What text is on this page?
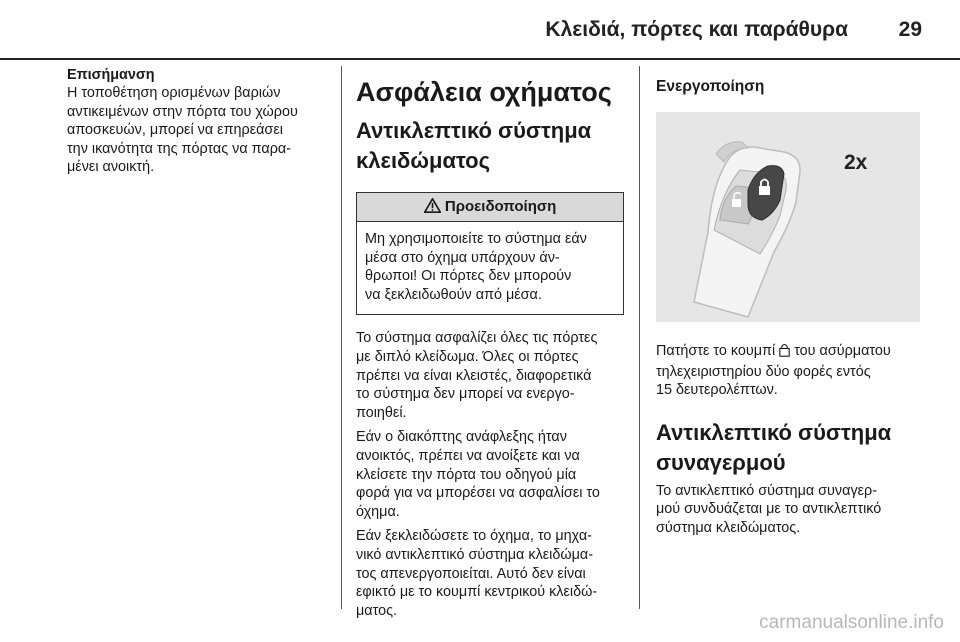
Κλειδιά, πόρτες και παράθυρα 29

Επισήμανση

Η τοποθέτηση ορισμένων βαριών
αντικειμένων στην πόρτα του χώρου
αποσκευών, μπορεί να επηρεάσει
την ικανότητα της πόρτας να παρα-
μένει ανοικτή.

Ασφάλεια οχήματος
Αντικλεπτικό σύστημα
κλειδώματος
Προειδοποίηση
Μη χρησιμοποιείτε το σύστημα εάν
μέσα στο όχημα υπάρχουν άν-
θρωποι! Οι πόρτες δεν μπορούν
να ξεκλειδωθούν από μέσα.

Το σύστημα ασφαλίζει όλες τις πόρτες
με διπλό κλείδωμα. Όλες οι πόρτες
πρέπει να είναι κλειστές, διαφορετικά
το σύστημα δεν μπορεί να ενεργο-
ποιηθεί.

Εάν ο διακόπτης ανάφλεξης ήταν
ανοικτός, πρέπει να ανοίξετε και να
κλείσετε την πόρτα του οδηγού μία
φορά για να μπορέσει να ασφαλίσει το
όχημα.

Εάν ξεκλειδώσετε το όχημα, το μηχα-
νικό αντικλεπτικό σύστημα κλειδώμα-
τος απενεργοποιείται. Αυτό δεν είναι
εφικτό με το κουμπί κεντρικού κλειδώ-
ματος.

Ενεργοποίηση

2x

Πατήστε το κουμπί του ασύρματου
τηλεχειριστηρίου δύο φορές εντός
15 δευτερολέπτων.

Αντικλεπτικό σύστημα
συναγερμού

Το αντικλεπτικό σύστημα συναγερ-
μού συνδυάζεται με το αντικλεπτικό
σύστημα κλειδώματος.

carmanualsonline.info
